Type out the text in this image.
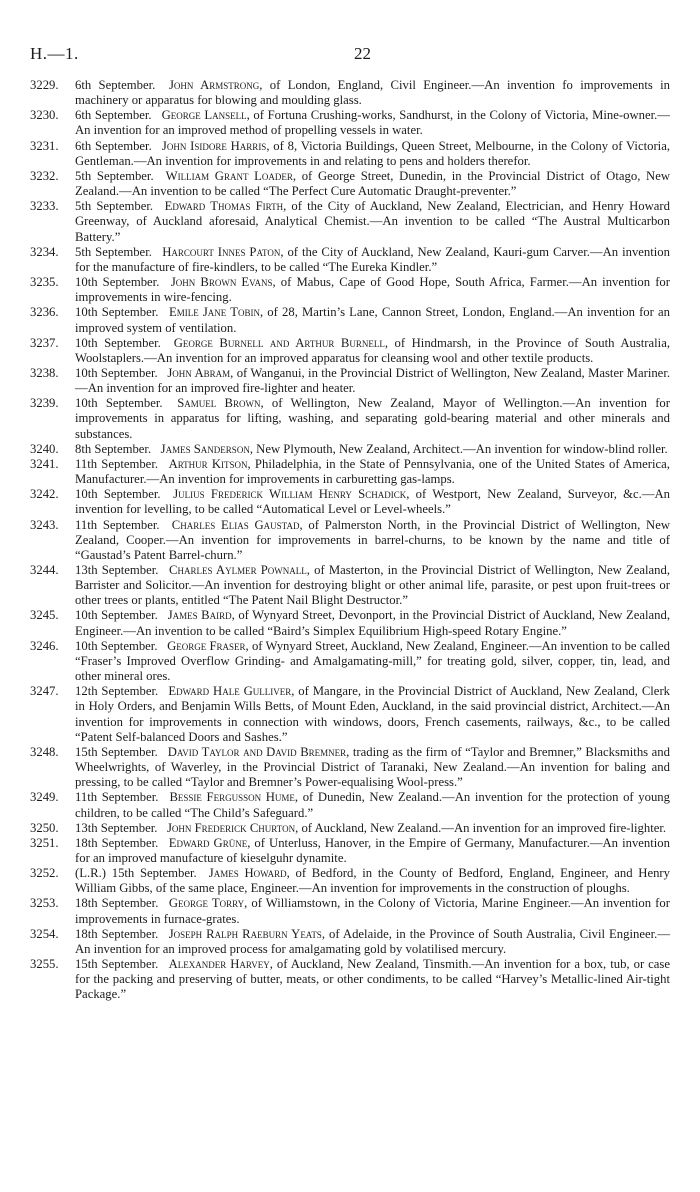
H.—1.	22
3229. 6th September.  John Armstrong, of London, England, Civil Engineer.—An invention fo improvements in machinery or apparatus for blowing and moulding glass.
3230. 6th September.  George Lansell, of Fortuna Crushing-works, Sandhurst, in the Colony of Victoria, Mine-owner.—An invention for an improved method of propelling vessels in water.
3231. 6th September.  John Isidore Harris, of 8, Victoria Buildings, Queen Street, Melbourne, in the Colony of Victoria, Gentleman.—An invention for improvements in and relating to pens and holders therefor.
3232. 5th September.  William Grant Loader, of George Street, Dunedin, in the Provincial District of Otago, New Zealand.—An invention to be called “The Perfect Cure Automatic Draught-preventer.”
3233. 5th September.  Edward Thomas Firth, of the City of Auckland, New Zealand, Electrician, and Henry Howard Greenway, of Auckland aforesaid, Analytical Chemist.—An invention to be called “The Austral Multicarbon Battery.”
3234. 5th September.  Harcourt Innes Paton, of the City of Auckland, New Zealand, Kauri-gum Carver.—An invention for the manufacture of fire-kindlers, to be called “The Eureka Kindler.”
3235. 10th September.  John Brown Evans, of Mabus, Cape of Good Hope, South Africa, Farmer.—An invention for improvements in wire-fencing.
3236. 10th September.  Emile Jane Tobin, of 28, Martin’s Lane, Cannon Street, London, England.—An invention for an improved system of ventilation.
3237. 10th September.  George Burnell and Arthur Burnell, of Hindmarsh, in the Province of South Australia, Woolstaplers.—An invention for an improved apparatus for cleansing wool and other textile products.
3238. 10th September.  John Abram, of Wanganui, in the Provincial District of Wellington, New Zealand, Master Mariner.—An invention for an improved fire-lighter and heater.
3239. 10th September.  Samuel Brown, of Wellington, New Zealand, Mayor of Wellington.—An invention for improvements in apparatus for lifting, washing, and separating gold-bearing material and other minerals and substances.
3240. 8th September.  James Sanderson, New Plymouth, New Zealand, Architect.—An invention for window-blind roller.
3241. 11th September.  Arthur Kitson, Philadelphia, in the State of Pennsylvania, one of the United States of America, Manufacturer.—An invention for improvements in carburetting gas-lamps.
3242. 10th September.  Julius Frederick William Henry Schadick, of Westport, New Zealand, Surveyor, &c.—An invention for levelling, to be called “Automatical Level or Level-wheels.”
3243. 11th September.  Charles Elias Gaustad, of Palmerston North, in the Provincial District of Wellington, New Zealand, Cooper.—An invention for improvements in barrel-churns, to be known by the name and title of “Gaustad’s Patent Barrel-churn.”
3244. 13th September.  Charles Aylmer Pownall, of Masterton, in the Provincial District of Wellington, New Zealand, Barrister and Solicitor.—An invention for destroying blight or other animal life, parasite, or pest upon fruit-trees or other trees or plants, entitled “The Patent Nail Blight Destructor.”
3245. 10th September.  James Baird, of Wynyard Street, Devonport, in the Provincial District of Auckland, New Zealand, Engineer.—An invention to be called “Baird’s Simplex Equilibrium High-speed Rotary Engine.”
3246. 10th September.  George Fraser, of Wynyard Street, Auckland, New Zealand, Engineer.—An invention to be called “Fraser’s Improved Overflow Grinding- and Amalgamating-mill,” for treating gold, silver, copper, tin, lead, and other mineral ores.
3247. 12th September.  Edward Hale Gulliver, of Mangare, in the Provincial District of Auckland, New Zealand, Clerk in Holy Orders, and Benjamin Wills Betts, of Mount Eden, Auckland, in the said provincial district, Architect.—An invention for improvements in connection with windows, doors, French casements, railways, &c., to be called “Patent Self-balanced Doors and Sashes.”
3248. 15th September.  David Taylor and David Bremner, trading as the firm of “Taylor and Bremner,” Blacksmiths and Wheelwrights, of Waverley, in the Provincial District of Taranaki, New Zealand.—An invention for baling and pressing, to be called “Taylor and Bremner’s Power-equalising Wool-press.”
3249. 11th September.  Bessie Fergusson Hume, of Dunedin, New Zealand.—An invention for the protection of young children, to be called “The Child’s Safeguard.”
3250. 13th September.  John Frederick Churton, of Auckland, New Zealand.—An invention for an improved fire-lighter.
3251. 18th September.  Edward Grüne, of Unterluss, Hanover, in the Empire of Germany, Manufacturer.—An invention for an improved manufacture of kieselguhr dynamite.
3252. (L.R.) 15th September.  James Howard, of Bedford, in the County of Bedford, England, Engineer, and Henry William Gibbs, of the same place, Engineer.—An invention for improvements in the construction of ploughs.
3253. 18th September.  George Torry, of Williamstown, in the Colony of Victoria, Marine Engineer.—An invention for improvements in furnace-grates.
3254. 18th September.  Joseph Ralph Raeburn Yeats, of Adelaide, in the Province of South Australia, Civil Engineer.—An invention for an improved process for amalgamating gold by volatilised mercury.
3255. 15th September.  Alexander Harvey, of Auckland, New Zealand, Tinsmith.—An invention for a box, tub, or case for the packing and preserving of butter, meats, or other condiments, to be called “Harvey’s Metallic-lined Air-tight Package.”
